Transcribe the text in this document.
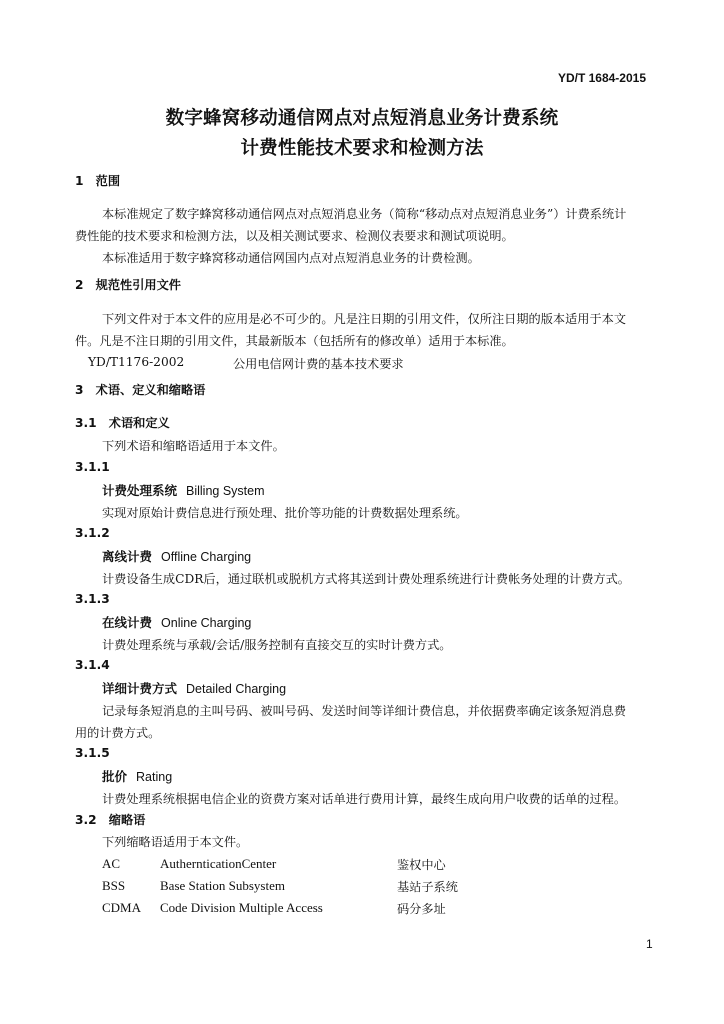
YD/T 1684-2015
数字蜂窝移动通信网点对点短消息业务计费系统
计费性能技术要求和检测方法
1　范围
本标准规定了数字蜂窝移动通信网点对点短消息业务（简称“移动点对点短消息业务”）计费系统计
费性能的技术要求和检测方法，以及相关测试要求、检测仪表要求和测试项说明。
本标准适用于数字蜂窝移动通信网国内点对点短消息业务的计费检测。
2　规范性引用文件
下列文件对于本文件的应用是必不可少的。凡是注日期的引用文件，仅所注日期的版本适用于本文
件。凡是不注日期的引用文件，其最新版本（包括所有的修改单）适用于本标准。
YD/T1176-2002	公用电信网计费的基本技术要求
3　术语、定义和缩略语
3.1　术语和定义
下列术语和缩略语适用于本文件。
3.1.1
计费处理系统 Billing System
实现对原始计费信息进行预处理、批价等功能的计费数据处理系统。
3.1.2
离线计费 Offline Charging
计费设备生成CDR后，通过联机或脱机方式将其送到计费处理系统进行计费帐务处理的计费方式。
3.1.3
在线计费 Online Charging
计费处理系统与承载/会话/服务控制有直接交互的实时计费方式。
3.1.4
详细计费方式 Detailed Charging
记录每条短消息的主叫号码、被叫号码、发送时间等详细计费信息，并依据费率确定该条短消息费
用的计费方式。
3.1.5
批价 Rating
计费处理系统根据电信企业的资费方案对话单进行费用计算，最终生成向用户收费的话单的过程。
3.2　缩略语
下列缩略语适用于本文件。
AC	AuthernticationCenter	鉴权中心
BSS	Base Station Subsystem	基站子系统
CDMA Code Division Multiple Access	码分多址
1
